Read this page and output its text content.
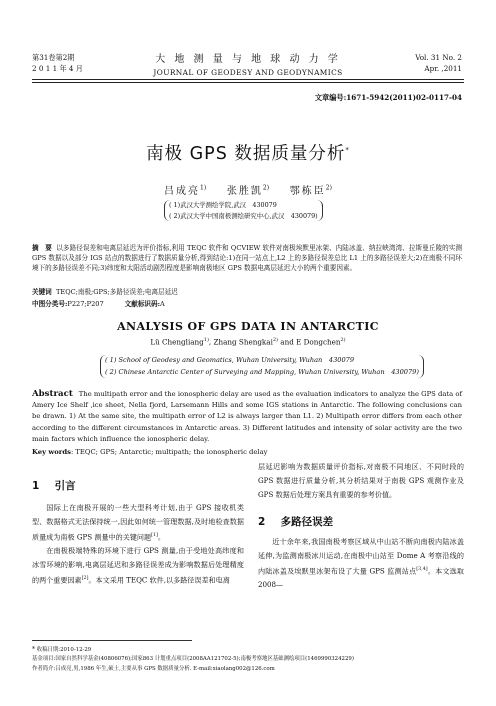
第31卷第2期
2 0 1 1 年 4 月
大 地 测 量 与 地 球 动 力 学
JOURNAL OF GEODESY AND GEODYNAMICS
Vol. 31 No. 2
Apr. ,2011
文章编号:1671-5942(2011)02-0117-04
南极 GPS 数据质量分析*
吕成亮$^{1)}$ 张胜凯$^{2)}$ 鄂栋臣$^{2)}$
( 1)武汉大学测绘学院,武汉　430079
( 2)武汉大学中国南极测绘研究中心,武汉　430079)
摘　要 以多路径误差和电离层延迟为评价指标,利用 TEQC 软件和 QCVIEW 软件对南极埃默里冰架、内陆冰盖、纳拉峡湾湾、拉斯曼丘陵的实测 GPS 数据以及部分 IGS 站点的数据进行了数据质量分析,得到结论:1)在同一站点上,L2 上的多路径误差总比 L1 上的多路径误差大;2)在南极不同环境下的多路径误差不同;3)纬度和太阳活动剧烈程度是影响南极地区 GPS 数据电离层延迟大小的两个重要因素。
关键词 TEQC;南极;GPS;多路径误差;电离层延迟
中图分类号:P227;P207	文献标识码:A
ANALYSIS OF GPS DATA IN ANTARCTIC
Lü Chengliang$^{1)}$, Zhang Shengkai$^{2)}$ and E Dongchen$^{2)}$
( 1) School of Geodesy and Geomatics, Wuhan University, Wuhan　430079
( 2) Chinese Antarctic Center of Surveying and Mapping, Wuhan University, Wuhan　430079)
Abstract The multipath error and the ionospheric delay are used as the evaluation indicators to analyze the GPS data of Amery Ice Shelf ,ice sheet, Nella fjord, Larsemann Hills and some IGS stations in Antarctic. The following conclusions can be drawn. 1) At the same site, the multipath error of L2 is always larger than L1. 2) Multipath error differs from each other according to the different circumstances in Antarctic areas. 3) Different latitudes and intensity of solar activity are the two main factors which influence the ionospheric delay.
Key words: TEQC; GPS; Antarctic; multipath; the ionospheric delay
1 引言

国际上在南极开展的一些大型科考计划,由于 GPS 接收机类型、数据格式无法保持统一,因此如何统一管理数据,及时地检查数据质量成为南极 GPS 测量中的关键问题[1]。

在南极极端特殊的环境下进行 GPS 测量,由于受地处高纬度和冰雪环境的影响,电离层延迟和多路径误差成为影响数据后处理精度的两个重要因素[2]。本文采用 TEQC 软件,以多路径误差和电离

层延迟影响为数据质量评价指标,对南极不同地区、不同时段的 GPS 数据进行质量分析,其分析结果对于南极 GPS 观测作业及 GPS 数据后处理方案具有重要的参考价值。

2 多路径误差

近十余年来,我国南极考察区域从中山站不断向南极内陆冰盖延伸,为监测南极冰川运动,在南极中山站至 Dome A 考察沿线的内陆冰盖及埃默里冰架布设了大量 GPS 监测站点[3,4]。本文选取 2008—

* 收稿日期:2010-12-29
基金项目:国家自然科学基金(40806076);国家863 计划重点项目(2008AA121702-5);南极考察地区基础测绘项目(1469990324229)
作者简介:吕成亮,男,1986 年生,硕士,主要从事 GPS 数据质量分析. E-mail:xiaolang002@126.com
